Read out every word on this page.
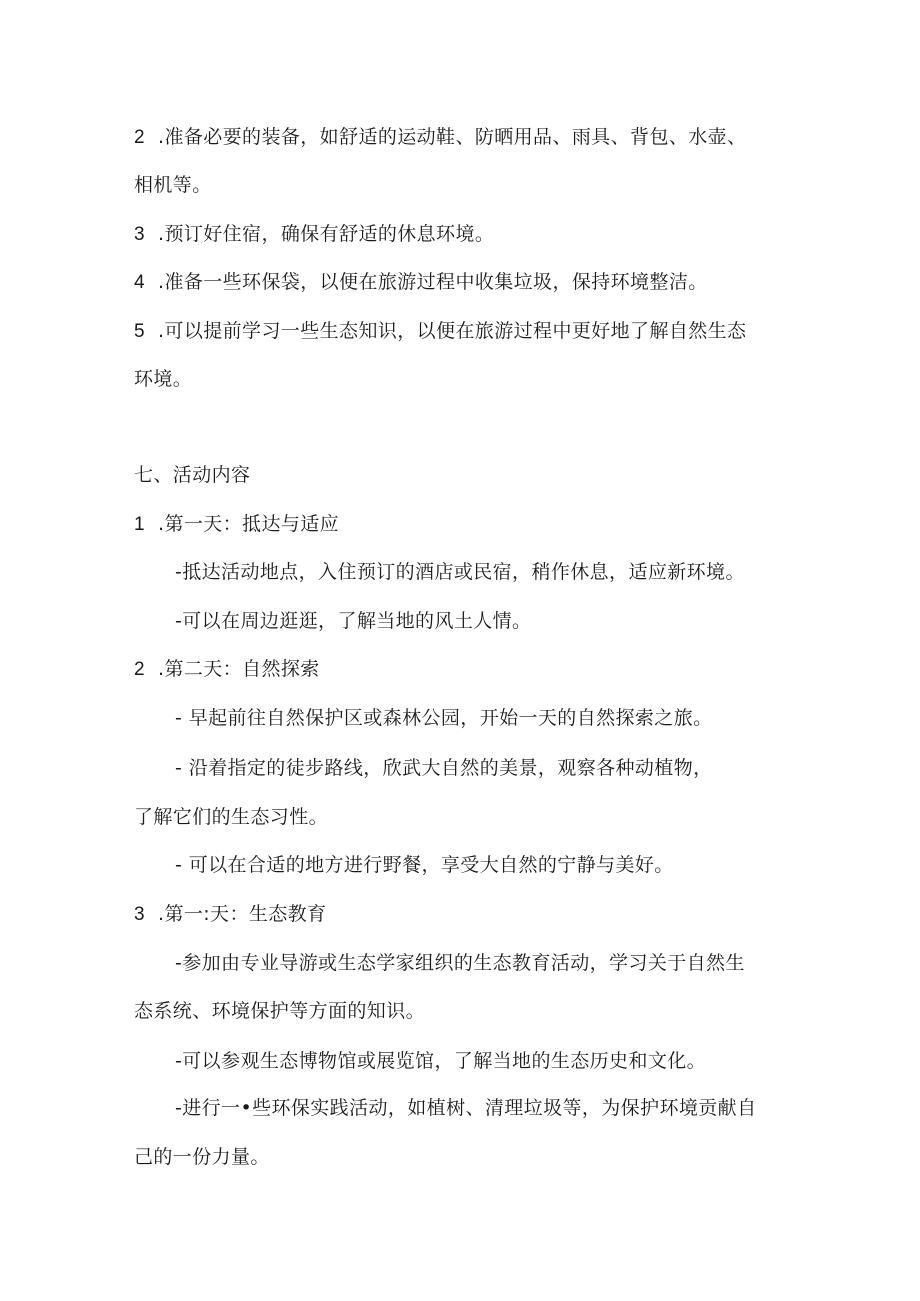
2 .准备必要的装备，如舒适的运动鞋、防晒用品、雨具、背包、水壶、
相机等。
3 .预订好住宿，确保有舒适的休息环境。
4 .准备一些环保袋，以便在旅游过程中收集垃圾，保持环境整洁。
5 .可以提前学习一些生态知识，以便在旅游过程中更好地了解自然生态
环境。
七、活动内容
1 .第一天：抵达与适应
-抵达活动地点，入住预订的酒店或民宿，稍作休息，适应新环境。
-可以在周边逛逛，了解当地的风土人情。
2 .第二天：自然探索
- 早起前往自然保护区或森林公园，开始一天的自然探索之旅。
- 沿着指定的徒步路线，欣武大自然的美景，观察各种动植物，
了解它们的生态习性。
- 可以在合适的地方进行野餐，享受大自然的宁静与美好。
3 .第一:天：生态教育
-参加由专业导游或生态学家组织的生态教育活动，学习关于自然生
态系统、环境保护等方面的知识。
-可以参观生态博物馆或展览馆，了解当地的生态历史和文化。
-进行一•些环保实践活动，如植树、清理垃圾等，为保护环境贡献自
己的一份力量。
